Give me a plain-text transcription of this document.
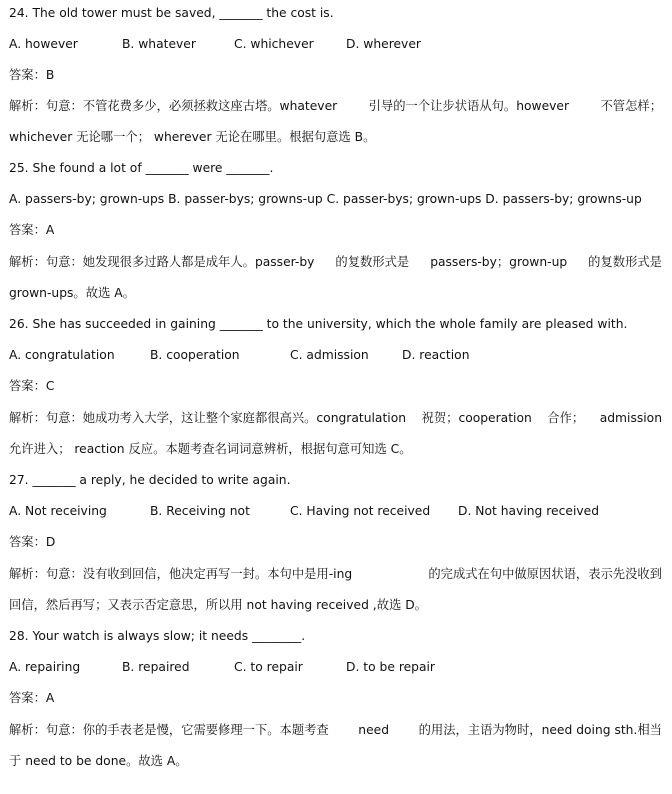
24. The old tower must be saved, _______ the cost is.
A. however	B. whatever	C. whichever	D. wherever
答案：B
解析：句意：不管花费多少，必须拯救这座古塔。whatever	引导的一个让步状语从句。however	不管怎样；
whichever 无论哪一个； wherever 无论在哪里。根据句意选 B。
25. She found a lot of _______ were _______.
A. passers-by; grown-ups B. passer-bys; growns-up C. passer-bys; grown-ups D. passers-by; growns-up
答案：A
解析：句意：她发现很多过路人都是成年人。passer-by 的复数形式是 passers-by；grown-up 的复数形式是
grown-ups。故选 A。
26. She has succeeded in gaining _______ to the university, which the whole family are pleased with.
A. congratulation	B. cooperation	C. admission	D. reaction
答案：C
解析：句意：她成功考入大学，这让整个家庭都很高兴。congratulation 祝贺；cooperation 合作； admission
允许进入； reaction 反应。本题考查名词词意辨析，根据句意可知选 C。
27. _______ a reply, he decided to write again.
A. Not receiving	B. Receiving not	C. Having not received D. Not having received
答案：D
解析：句意：没有收到回信，他决定再写一封。本句中是用-ing	的完成式在句中做原因状语，表示先没收到
回信，然后再写；又表示否定意思，所以用 not having received ,故选 D。
28. Your watch is always slow; it needs ________.
A. repairing	B. repaired	C. to repair	D. to be repair
答案：A
解析：句意：你的手表老是慢，它需要修理一下。本题考查 need 的用法，主语为物时，need doing sth.相当
于 need to be done。故选 A。
